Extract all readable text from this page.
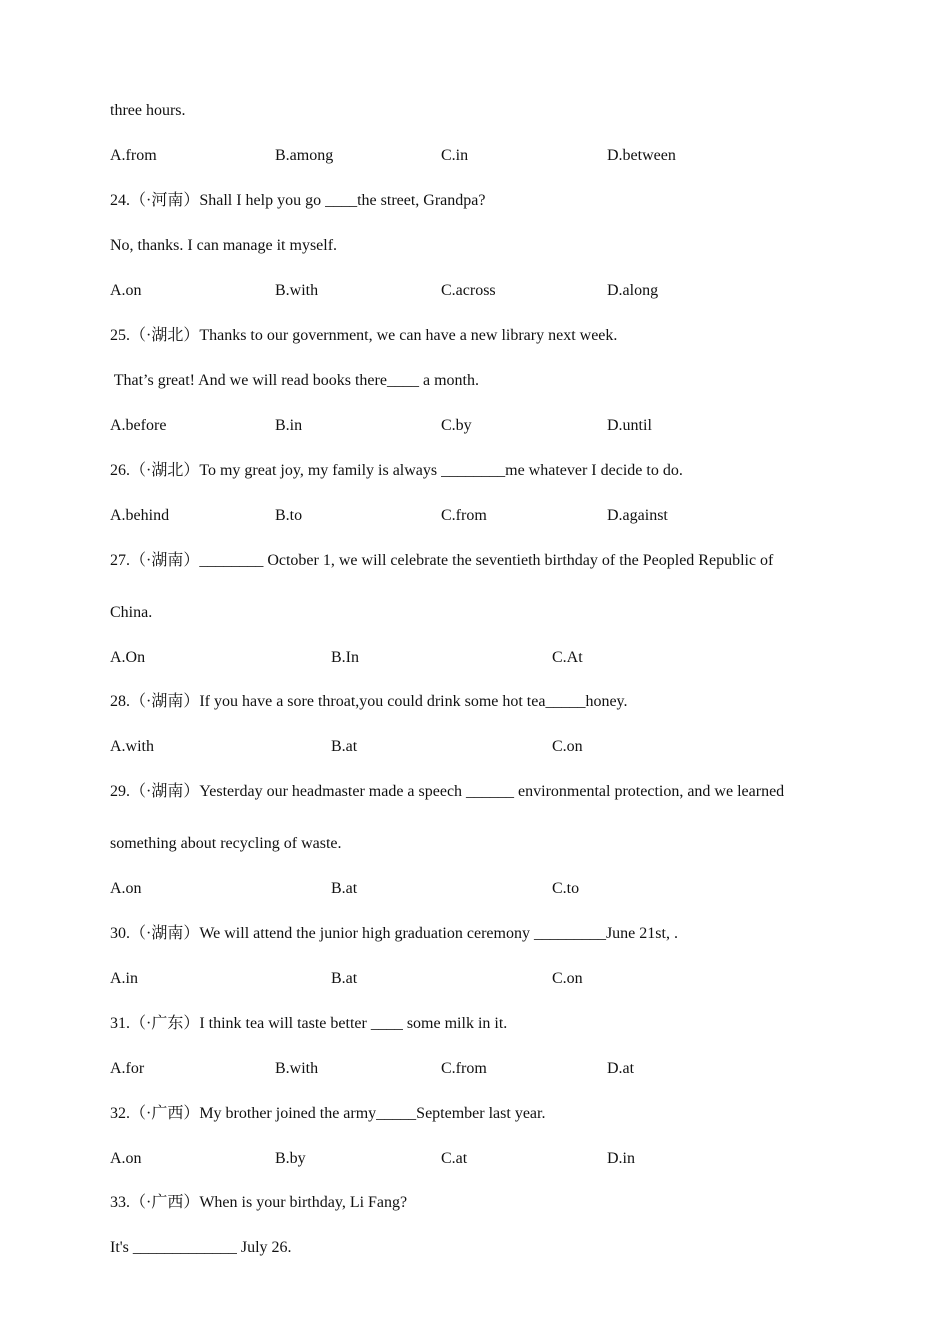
three hours.
A.from	B.among	C.in	D.between
24.（·河南）Shall I help you go ____the street, Grandpa?
No, thanks. I can manage it myself.
A.on	B.with	C.across	D.along
25.（·湖北）Thanks to our government, we can have a new library next week.
That’s great! And we will read books there____ a month.
A.before	B.in	C.by	D.until
26.（·湖北）To my great joy, my family is always ________me whatever I decide to do.
A.behind	B.to	C.from	D.against
27.（·湖南）________ October 1, we will celebrate the seventieth birthday of the Peopled Republic of
China.
A.On	B.In	C.At
28.（·湖南）If you have a sore throat,you could drink some hot tea_____honey.
A.with	B.at	C.on
29.（·湖南）Yesterday our headmaster made a speech ______ environmental protection, and we learned
something about recycling of waste.
A.on	B.at	C.to
30.（·湖南）We will attend the junior high graduation ceremony _________June 21st, .
A.in	B.at	C.on
31.（·广东）I think tea will taste better ____ some milk in it.
A.for	B.with	C.from	D.at
32.（·广西）My brother joined the army_____September last year.
A.on	B.by	C.at	D.in
33.（·广西）When is your birthday, Li Fang?
It's _____________ July 26.
